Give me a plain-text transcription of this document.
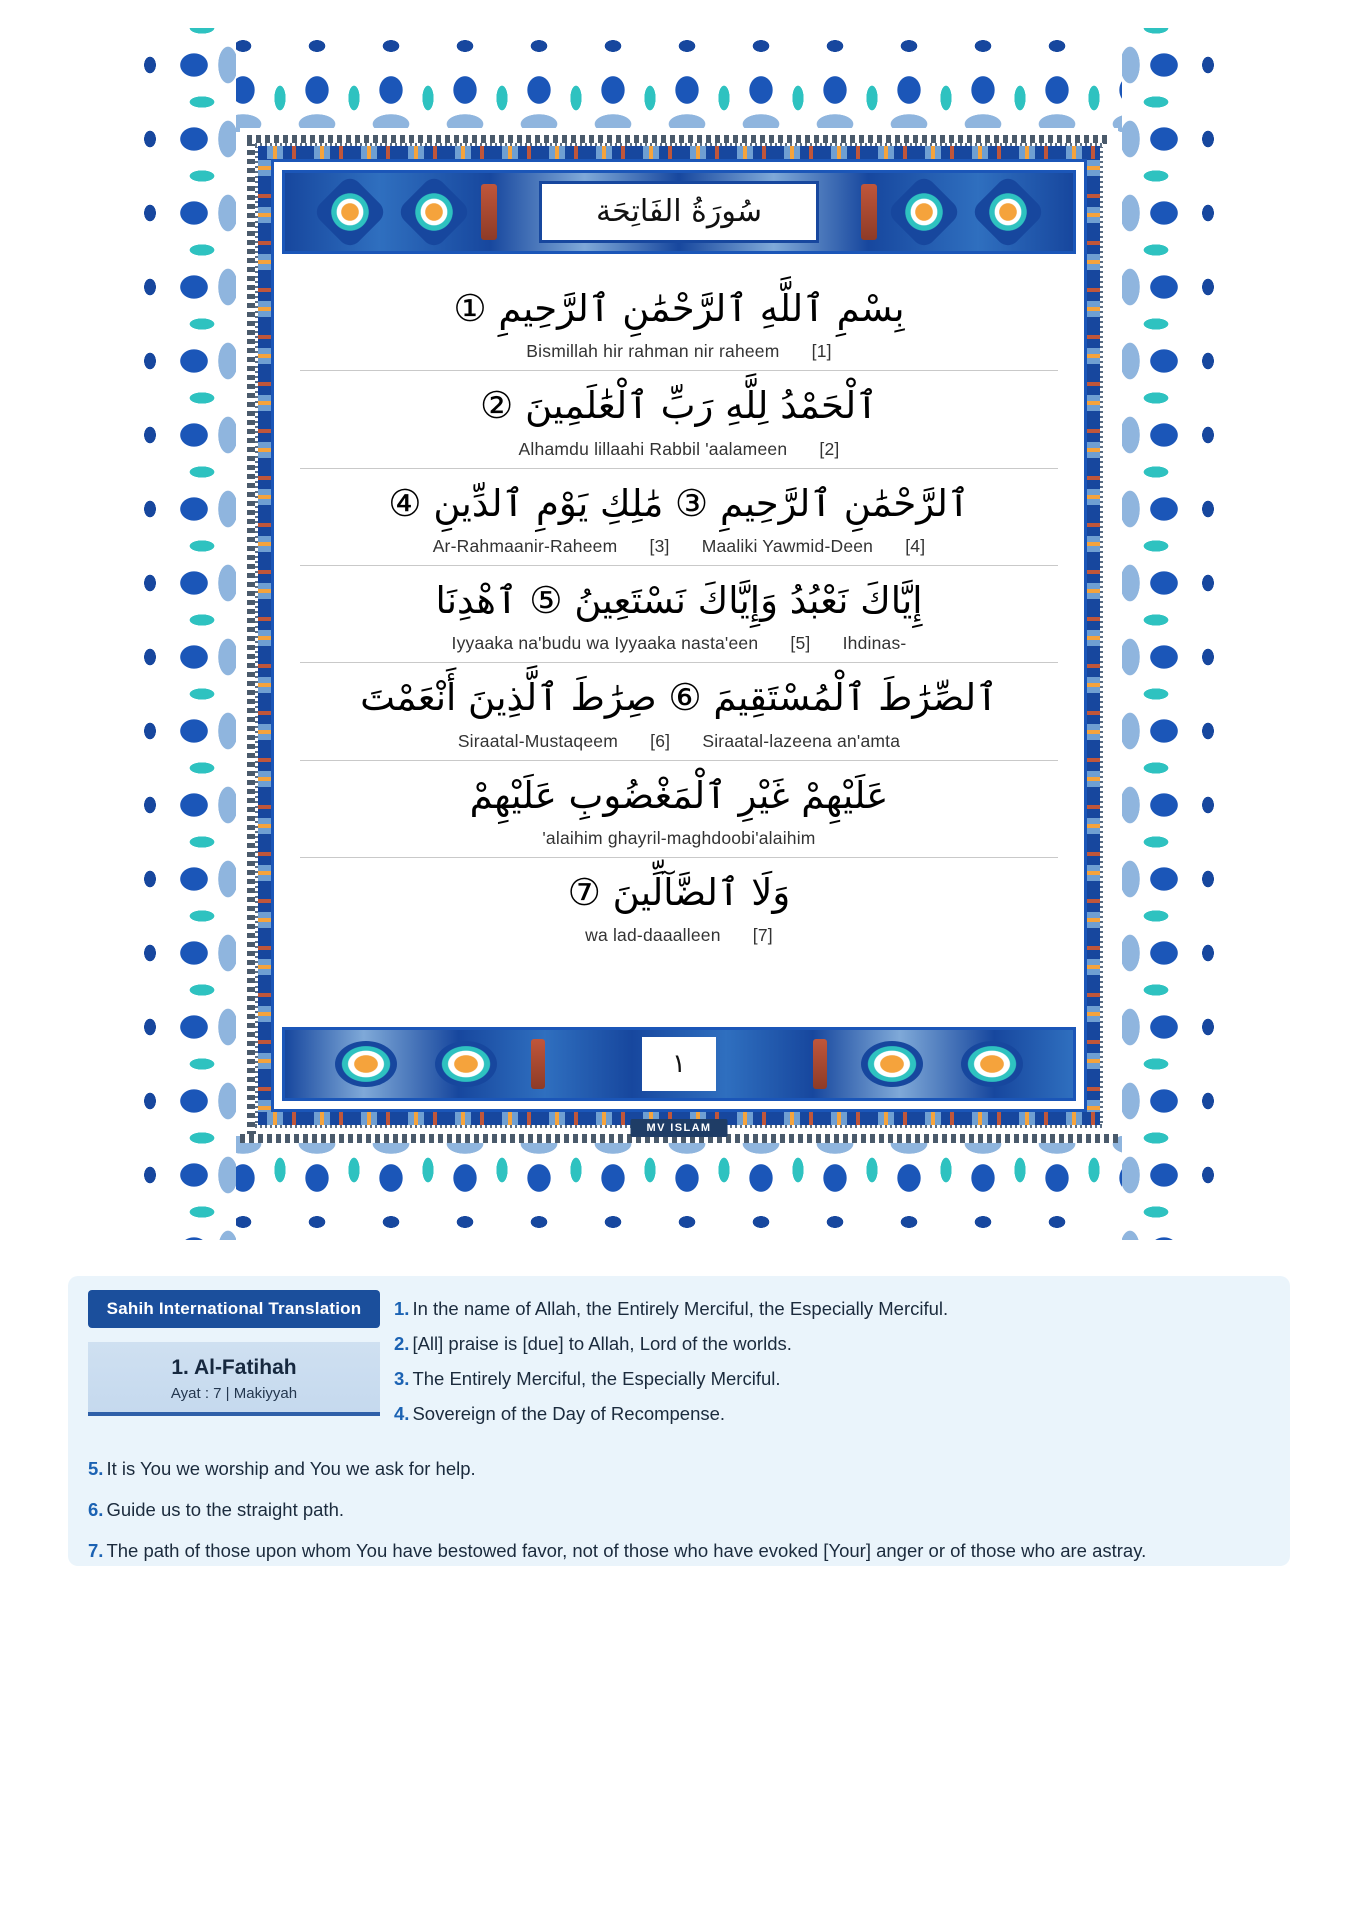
سُورَةُ الفَاتِحَة
بِسْمِ ٱللَّهِ ٱلرَّحْمَٰنِ ٱلرَّحِيمِ ①
Bismillah hir rahman nir raheem [1]
ٱلْحَمْدُ لِلَّهِ رَبِّ ٱلْعَٰلَمِينَ ②
Alhamdu lillaahi Rabbil 'aalameen [2]
ٱلرَّحْمَٰنِ ٱلرَّحِيمِ ③ مَٰلِكِ يَوْمِ ٱلدِّينِ ④
Ar-Rahmaanir-Raheem [3] Maaliki Yawmid-Deen [4]
إِيَّاكَ نَعْبُدُ وَإِيَّاكَ نَسْتَعِينُ ⑤ ٱهْدِنَا
Iyyaaka na'budu wa Iyyaaka nasta'een [5] Ihdinas-
ٱلصِّرَٰطَ ٱلْمُسْتَقِيمَ ⑥ صِرَٰطَ ٱلَّذِينَ أَنْعَمْتَ
Siraatal-Mustaqeem [6] Siraatal-lazeena an'amta
عَلَيْهِمْ غَيْرِ ٱلْمَغْضُوبِ عَلَيْهِمْ
'alaihim ghayril-maghdoobi'alaihim
وَلَا ٱلضَّآلِّينَ ⑦
wa lad-daaalleen [7]
١
MV ISLAM
Sahih International Translation
1. Al-Fatihah
Ayat : 7 | Makiyyah
1. In the name of Allah, the Entirely Merciful, the Especially Merciful.
2. [All] praise is [due] to Allah, Lord of the worlds.
3. The Entirely Merciful, the Especially Merciful.
4. Sovereign of the Day of Recompense.
5. It is You we worship and You we ask for help.
6. Guide us to the straight path.
7. The path of those upon whom You have bestowed favor, not of those who have evoked [Your] anger or of those who are astray.
